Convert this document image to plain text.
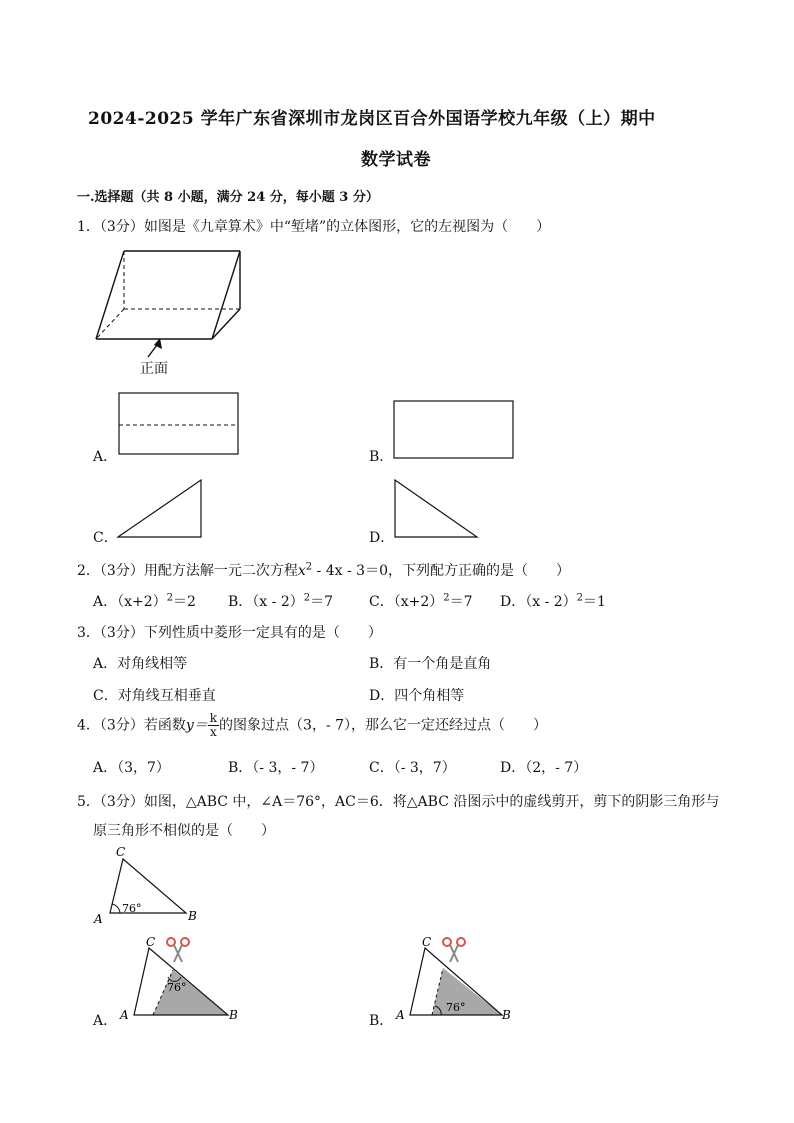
2024-2025 学年广东省深圳市龙岗区百合外国语学校九年级（上）期中
数学试卷
一.选择题（共 8 小题，满分 24 分，每小题 3 分）
1．（3分）如图是《九章算术》中“堑堵”的立体图形，它的左视图为（　　）
正面
A．	B．
C．	D．
2．（3分）用配方法解一元二次方程$x^2 - 4x - 3=0$，下列配方正确的是（　　）
A．$(x+2)^2=2$ B．（x - 2）$^2$＝7	C．$(x+2)^2=7$ D．（x - 2）$^2$＝1
3．（3分）下列性质中菱形一定具有的是（　　）
A．对角线相等	B．有一个角是直角
C．对角线互相垂直	D．四个角相等
4．（3分）若函数$y= \frac{k}{x}$ 的图象过点（3，- 7），那么它一定还经过点（　　）
A．（3，7）	B．（- 3，- 7）	C．（- 3，7）	D．（2，- 7）
5．（3分）如图，△ABC 中，∠A＝76°，AC＝6．将△ABC 沿图示中的虚线剪开，剪下的阴影三角形与
原三角形不相似的是（　　）
A
C
B
76°
A． A
C
B
76°
B． A
C
B
76°
